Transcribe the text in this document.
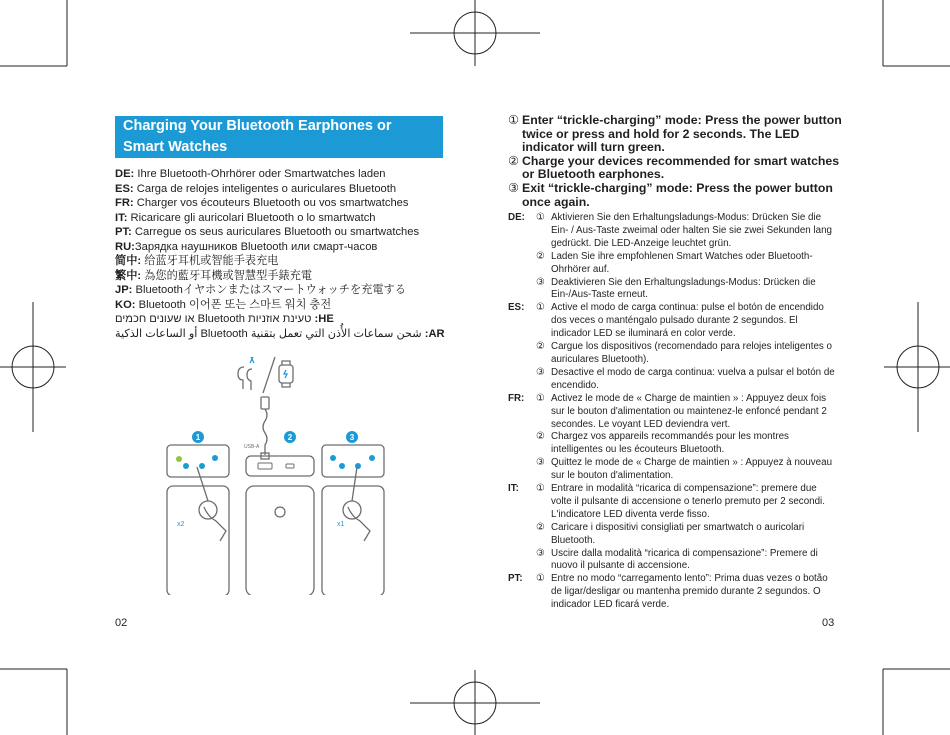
Charging Your Bluetooth Earphones or Smart Watches
DE: Ihre Bluetooth-Ohrhörer oder Smartwatches laden
ES: Carga de relojes inteligentes o auriculares Bluetooth
FR: Charger vos écouteurs Bluetooth ou vos smartwatches
IT: Ricaricare gli auricolari Bluetooth o lo smartwatch
PT: Carregue os seus auriculares Bluetooth ou smartwatches
RU:Зарядка наушников Bluetooth или смарт-часов
简中: 给蓝牙耳机或智能手表充电
繁中: 為您的藍牙耳機或智慧型手錶充電
JP: Bluetoothイヤホンまたはスマートウォッチを充電する
KO: Bluetooth 이어폰 또는 스마트 워치 충전
HE: טעינת אוזניות Bluetooth או שעונים חכמים
AR: شحن سماعات الأُذن التي تعمل بتقنية Bluetooth أو الساعات الذكية
USB-A
1	2	3
x2	x1
02
① Enter “trickle-charging” mode: Press the power button twice or press and hold for 2 seconds. The LED indicator will turn green.
② Charge your devices recommended for smart watches or Bluetooth earphones.
③ Exit “trickle-charging” mode: Press the power button once again.
DE:	① Aktivieren Sie den Erhaltungsladungs-Modus: Drücken Sie die Ein- / Aus-Taste zweimal oder halten Sie sie zwei Sekunden lang gedrückt. Die LED-Anzeige leuchtet grün.
② Laden Sie ihre empfohlenen Smart Watches oder Bluetooth-Ohrhörer auf.
③ Deaktivieren Sie den Erhaltungsladungs-Modus: Drücken die Ein-/Aus-Taste erneut.
ES:	① Active el modo de carga continua: pulse el botón de encendido dos veces o manténgalo pulsado durante 2 segundos. El indicador LED se iluminará en color verde.
② Cargue los dispositivos (recomendado para relojes inteligentes o auriculares Bluetooth).
③ Desactive el modo de carga continua: vuelva a pulsar el botón de encendido.
FR:	① Activez le mode de « Charge de maintien » : Appuyez deux fois sur le bouton d'alimentation ou maintenez-le enfoncé pendant 2 secondes. Le voyant LED deviendra vert.
② Chargez vos appareils recommandés pour les montres intelligentes ou les écouteurs Bluetooth.
③ Quittez le mode de « Charge de maintien » : Appuyez à nouveau sur le bouton d'alimentation.
IT:	① Entrare in modalità “ricarica di compensazione”: premere due volte il pulsante di accensione o tenerlo premuto per 2 secondi. L'indicatore LED diventa verde fisso.
② Caricare i dispositivi consigliati per smartwatch o auricolari Bluetooth.
③ Uscire dalla modalità “ricarica di compensazione”: Premere di nuovo il pulsante di accensione.
PT:	① Entre no modo “carregamento lento”: Prima duas vezes o botão de ligar/desligar ou mantenha premido durante 2 segundos. O indicador LED ficará verde.
03
